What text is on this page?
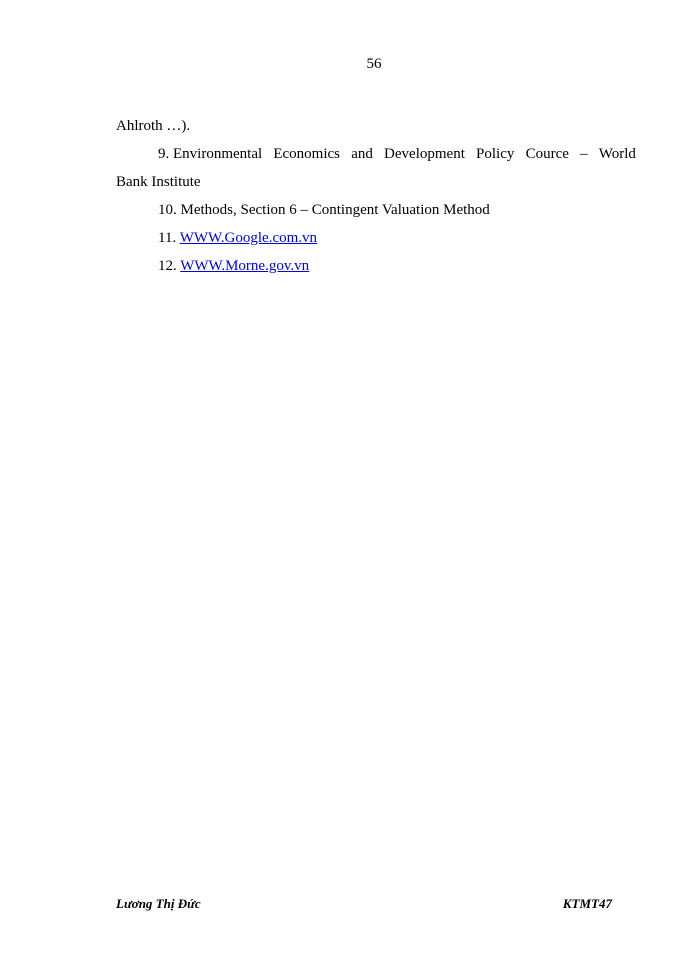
56
Ahlroth …).
9. Environmental Economics and Development Policy Cource – World
Bank Institute
10. Methods, Section 6 – Contingent Valuation Method
11. WWW.Google.com.vn
12. WWW.Morne.gov.vn
Lương Thị Đức	KTMT47
